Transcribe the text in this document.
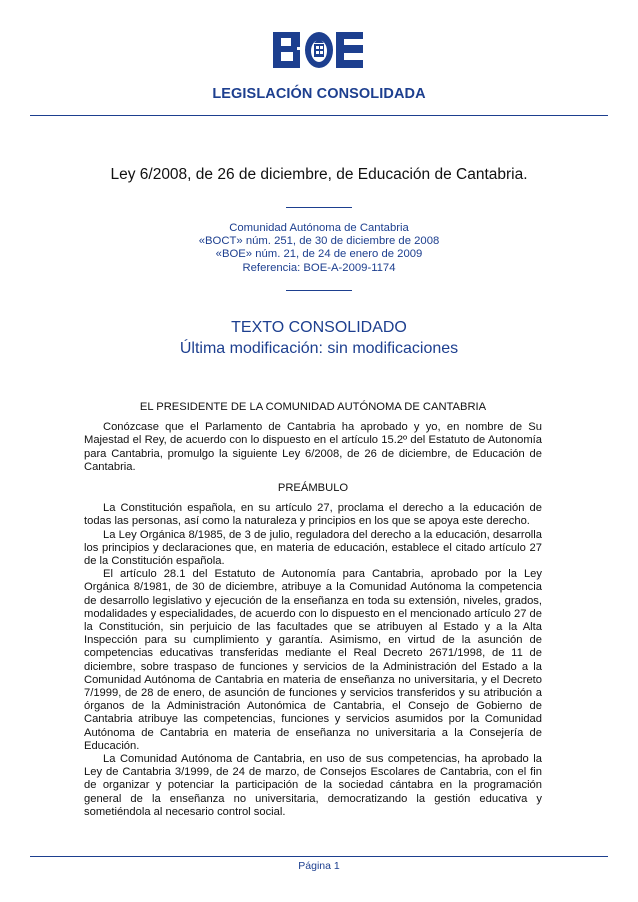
LEGISLACIÓN CONSOLIDADA
Ley 6/2008, de 26 de diciembre, de Educación de Cantabria.
Comunidad Autónoma de Cantabria
«BOCT» núm. 251, de 30 de diciembre de 2008
«BOE» núm. 21, de 24 de enero de 2009
Referencia: BOE-A-2009-1174
TEXTO CONSOLIDADO
Última modificación: sin modificaciones

EL PRESIDENTE DE LA COMUNIDAD AUTÓNOMA DE CANTABRIA

Conózcase que el Parlamento de Cantabria ha aprobado y yo, en nombre de Su Majestad el Rey, de acuerdo con lo dispuesto en el artículo 15.2º del Estatuto de Autonomía para Cantabria, promulgo la siguiente Ley 6/2008, de 26 de diciembre, de Educación de Cantabria.

PREÁMBULO

La Constitución española, en su artículo 27, proclama el derecho a la educación de todas las personas, así como la naturaleza y principios en los que se apoya este derecho.

La Ley Orgánica 8/1985, de 3 de julio, reguladora del derecho a la educación, desarrolla los principios y declaraciones que, en materia de educación, establece el citado artículo 27 de la Constitución española.

El artículo 28.1 del Estatuto de Autonomía para Cantabria, aprobado por la Ley Orgánica 8/1981, de 30 de diciembre, atribuye a la Comunidad Autónoma la competencia de desarrollo legislativo y ejecución de la enseñanza en toda su extensión, niveles, grados, modalidades y especialidades, de acuerdo con lo dispuesto en el mencionado artículo 27 de la Constitución, sin perjuicio de las facultades que se atribuyen al Estado y a la Alta Inspección para su cumplimiento y garantía. Asimismo, en virtud de la asunción de competencias educativas transferidas mediante el Real Decreto 2671/1998, de 11 de diciembre, sobre traspaso de funciones y servicios de la Administración del Estado a la Comunidad Autónoma de Cantabria en materia de enseñanza no universitaria, y el Decreto 7/1999, de 28 de enero, de asunción de funciones y servicios transferidos y su atribución a órganos de la Administración Autonómica de Cantabria, el Consejo de Gobierno de Cantabria atribuye las competencias, funciones y servicios asumidos por la Comunidad Autónoma de Cantabria en materia de enseñanza no universitaria a la Consejería de Educación.

La Comunidad Autónoma de Cantabria, en uso de sus competencias, ha aprobado la Ley de Cantabria 3/1999, de 24 de marzo, de Consejos Escolares de Cantabria, con el fin de organizar y potenciar la participación de la sociedad cántabra en la programación general de la enseñanza no universitaria, democratizando la gestión educativa y sometiéndola al necesario control social.

Página 1
